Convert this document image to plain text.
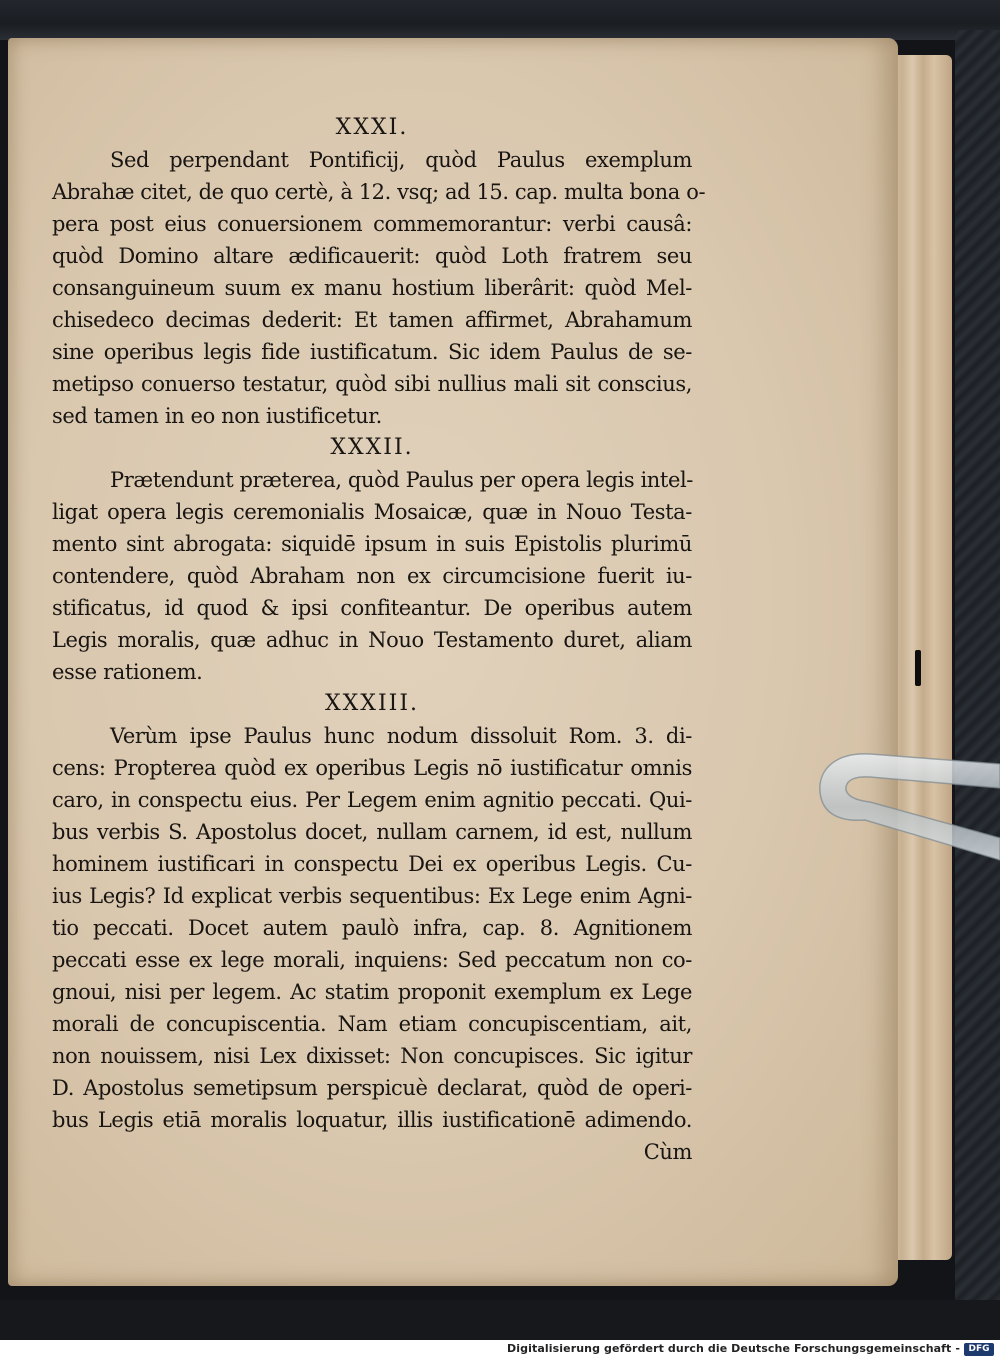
XXXI.
Sed perpendant Pontificij, quòd Paulus exemplum
Abrahæ citet, de quo certè, à 12. vsq; ad 15. cap. multa bona o-
pera post eius conuersionem commemorantur: verbi causâ:
quòd Domino altare ædificauerit: quòd Loth fratrem seu
consanguineum suum ex manu hostium liberârit: quòd Mel-
chisedeco decimas dederit: Et tamen affirmet, Abrahamum
sine operibus legis fide iustificatum. Sic idem Paulus de se-
metipso conuerso testatur, quòd sibi nullius mali sit conscius,
sed tamen in eo non iustificetur.
XXXII.
Prætendunt præterea, quòd Paulus per opera legis intel-
ligat opera legis ceremonialis Mosaicæ, quæ in Nouo Testa-
mento sint abrogata: siquidē ipsum in suis Epistolis plurimū
contendere, quòd Abraham non ex circumcisione fuerit iu-
stificatus, id quod & ipsi confiteantur. De operibus autem
Legis moralis, quæ adhuc in Nouo Testamento duret, aliam
esse rationem.
XXXIII.
Verùm ipse Paulus hunc nodum dissoluit Rom. 3. di-
cens: Propterea quòd ex operibus Legis nō iustificatur omnis
caro, in conspectu eius. Per Legem enim agnitio peccati. Qui-
bus verbis S. Apostolus docet, nullam carnem, id est, nullum
hominem iustificari in conspectu Dei ex operibus Legis. Cu-
ius Legis? Id explicat verbis sequentibus: Ex Lege enim Agni-
tio peccati. Docet autem paulò infra, cap. 8. Agnitionem
peccati esse ex lege morali, inquiens: Sed peccatum non co-
gnoui, nisi per legem. Ac statim proponit exemplum ex Lege
morali de concupiscentia. Nam etiam concupiscentiam, ait,
non nouissem, nisi Lex dixisset: Non concupisces. Sic igitur
D. Apostolus semetipsum perspicuè declarat, quòd de operi-
bus Legis etiā moralis loquatur, illis iustificationē adimendo.
Cùm
Digitalisierung gefördert durch die Deutsche Forschungsgemeinschaft - DFG
